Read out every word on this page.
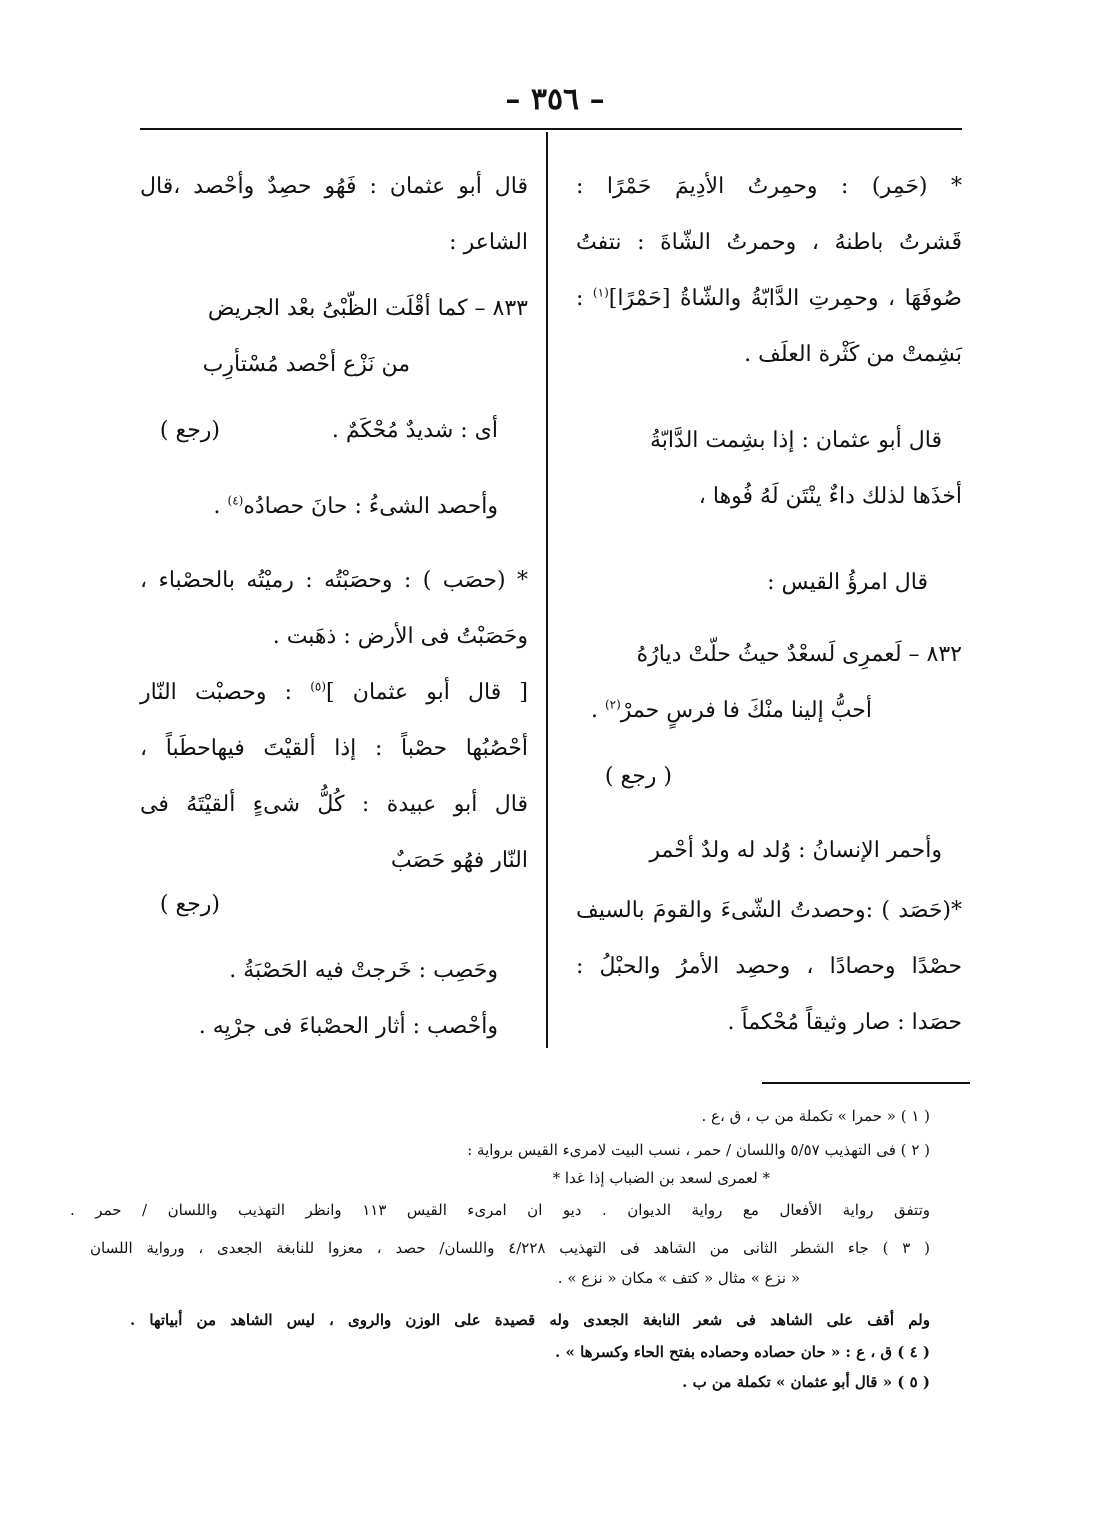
– ٣٥٦ –
* (حَمِر) : وحمِرتُ الأدِيمَ حَمْرًا :
قَشرتُ باطنهُ ، وحمرتُ الشّاةَ : نتفتُ
صُوفَهَا ، وحمِرتِ الدَّابّةُ والشّاةُ [حَمْرًا]$^{(١)}$ :
بَشِمتْ من كَثْرة العلَف .
قال أبو عثمان : إذا بشِمت الدَّابّةُ
أخذَها لذلك داءٌ ينْتَن لَهُ فُوها ،
قال امرؤُ القيس :
٨٣٢ – لَعمرِى لَسعْدٌ حيثُ حلّتْ ديارُهُ
أحبُّ إلينا منْكَ فا فرسٍ حمرْ$^{(٢)}$ .
( رجع )
وأحمر الإنسانُ : وُلد له ولدٌ أحْمر
*(حَصَد ) :وحصدتُ الشّىءَ والقومَ بالسيف
حصْدًا وحصادًا ، وحصِد الأمرُ والحبْلُ :
حصَدا : صار وثيقاً مُحْكماً .
قال أبو عثمان : فَهُو حصِدٌ وأحْصد ،قال
الشاعر :
٨٣٣ – كما أقْلَت الظّبْىُ بعْد الجريض
من نَزْع أحْصد مُسْتأرِب
أى : شديدٌ مُحْكَمٌ .
(رجع )
وأحصد الشىءُ : حانَ حصادُه$^{(٤)}$ .
* (حصَب ) : وحصَبْتُه : رميْتُه بالحصْباء ،
وحَصَبْتُ فى الأرض : ذهَبت .
[ قال أبو عثمان ]$^{(٥)}$ : وحصبْت النّار
أحْصُبُها حصْباً : إذا ألقيْتَ فيهاحطَباً ،
قال أبو عبيدة : كُلُّ شىءٍ ألقيْتَهُ فى
النّار فهُو حَصَبٌ
(رجع )
وحَصِب : خَرجتْ فيه الحَصْبَةُ .
وأحْصب : أثار الحصْباءَ فى جرْيِه .
( ١ ) « حمرا » تكملة من ب ، ق ،ع .
( ٢ ) فى التهذيب ٥/٥٧ واللسان / حمر ، نسب البيت لامرىء القيس برواية :
* لعمرى لسعد بن الضباب إذا غدا *
وتتفق رواية الأفعال مع رواية الديوان . ديو ان امرىء القيس ١١٣ وانظر التهذيب واللسان / حمر .
( ٣ ) جاء الشطر الثانى من الشاهد فى التهذيب ٤/٢٢٨ واللسان/ حصد ، معزوا للنابغة الجعدى ، ورواية اللسان
« نزع » مثال « كتف » مكان « نزع » .
ولم أقف على الشاهد فى شعر النابغة الجعدى وله قصيدة على الوزن والروى ، ليس الشاهد من أبياتها .
( ٤ ) ق ، ع : « حان حصاده وحصاده بفتح الحاء وكسرها » .
( ٥ ) « قال أبو عثمان » تكملة من ب .
